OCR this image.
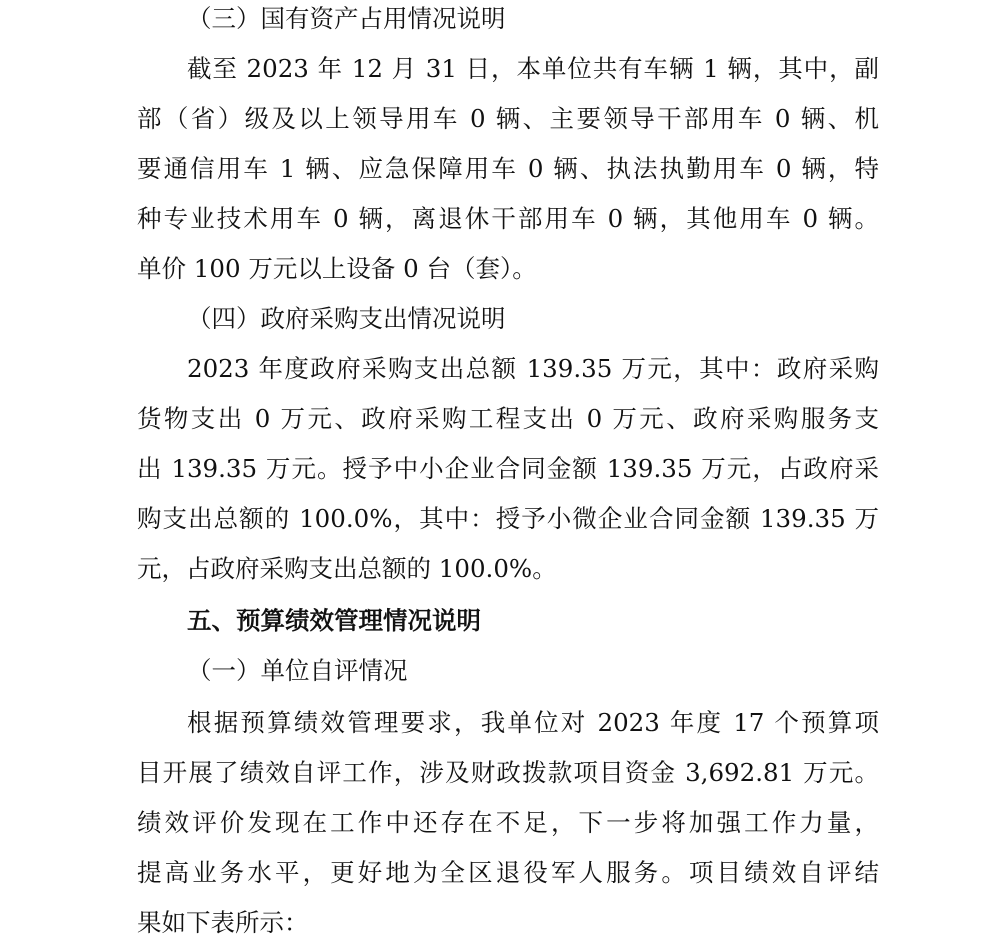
（三）国有资产占用情况说明
截至 2023 年 12 月 31 日，本单位共有车辆 1 辆，其中，副
部（省）级及以上领导用车 0 辆、主要领导干部用车 0 辆、机
要通信用车 1 辆、应急保障用车 0 辆、执法执勤用车 0 辆，特
种专业技术用车 0 辆，离退休干部用车 0 辆，其他用车 0 辆。
单价 100 万元以上设备 0 台（套）。
（四）政府采购支出情况说明
2023 年度政府采购支出总额 139.35 万元，其中：政府采购
货物支出 0 万元、政府采购工程支出 0 万元、政府采购服务支
出 139.35 万元。授予中小企业合同金额 139.35 万元，占政府采
购支出总额的 100.0%，其中：授予小微企业合同金额 139.35 万
元，占政府采购支出总额的 100.0%。
五、预算绩效管理情况说明
（一）单位自评情况
根据预算绩效管理要求，我单位对 2023 年度 17 个预算项
目开展了绩效自评工作，涉及财政拨款项目资金 3,692.81 万元。
绩效评价发现在工作中还存在不足，下一步将加强工作力量，
提高业务水平，更好地为全区退役军人服务。项目绩效自评结
果如下表所示：
